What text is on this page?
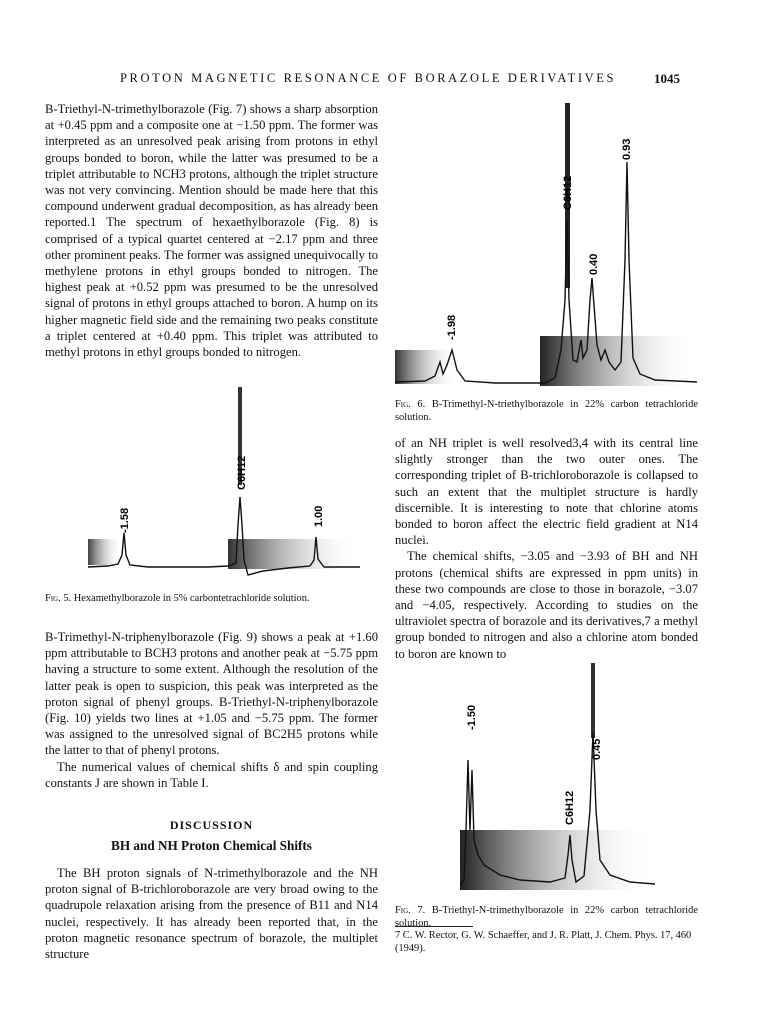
PROTON MAGNETIC RESONANCE OF BORAZOLE DERIVATIVES	1045

B-Triethyl-N-trimethylborazole (Fig. 7) shows a sharp absorption at +0.45 ppm and a composite one at −1.50 ppm. The former was interpreted as an unresolved peak arising from protons in ethyl groups bonded to boron, while the latter was presumed to be a triplet attributable to NCH3 protons, although the triplet structure was not very convincing. Mention should be made here that this compound underwent gradual decomposition, as has already been reported.1 The spectrum of hexaethylborazole (Fig. 8) is comprised of a typical quartet centered at −2.17 ppm and three other prominent peaks. The former was assigned unequivocally to methylene protons in ethyl groups bonded to nitrogen. The highest peak at +0.52 ppm was presumed to be the unresolved signal of protons in ethyl groups attached to boron. A hump on its higher magnetic field side and the remaining two peaks constitute a triplet centered at +0.40 ppm. This triplet was attributed to methyl protons in ethyl groups bonded to nitrogen.

-1.58
C6H12
1.00
Fig. 5. Hexamethylborazole in 5% carbontetrachloride solution.

B-Trimethyl-N-triphenylborazole (Fig. 9) shows a peak at +1.60 ppm attributable to BCH3 protons and another peak at −5.75 ppm having a structure to some extent. Although the resolution of the latter peak is open to suspicion, this peak was interpreted as the proton signal of phenyl groups. B-Triethyl-N-triphenylborazole (Fig. 10) yields two lines at +1.05 and −5.75 ppm. The former was assigned to the unresolved signal of BC2H5 protons while the latter to that of phenyl protons.

The numerical values of chemical shifts δ and spin coupling constants J are shown in Table I.

DISCUSSION
BH and NH Proton Chemical Shifts

The BH proton signals of N-trimethylborazole and the NH proton signal of B-trichloroborazole are very broad owing to the quadrupole relaxation arising from the presence of B11 and N14 nuclei, respectively. It has already been reported that, in the proton magnetic resonance spectrum of borazole, the multiplet structure

-1.98
C6H12
0.40
0.93
Fig. 6. B-Trimethyl-N-triethylborazole in 22% carbon tetrachloride solution.

of an NH triplet is well resolved3,4 with its central line slightly stronger than the two outer ones. The corresponding triplet of B-trichloroborazole is collapsed to such an extent that the multiplet structure is hardly discernible. It is interesting to note that chlorine atoms bonded to boron affect the electric field gradient at N14 nuclei.

The chemical shifts, −3.05 and −3.93 of BH and NH protons (chemical shifts are expressed in ppm units) in these two compounds are close to those in borazole, −3.07 and −4.05, respectively. According to studies on the ultraviolet spectra of borazole and its derivatives,7 a methyl group bonded to nitrogen and also a chlorine atom bonded to boron are known to

-1.50
C6H12
0.45
Fig. 7. B-Triethyl-N-trimethylborazole in 22% carbon tetrachloride solution.
7 C. W. Rector, G. W. Schaeffer, and J. R. Platt, J. Chem. Phys. 17, 460 (1949).
